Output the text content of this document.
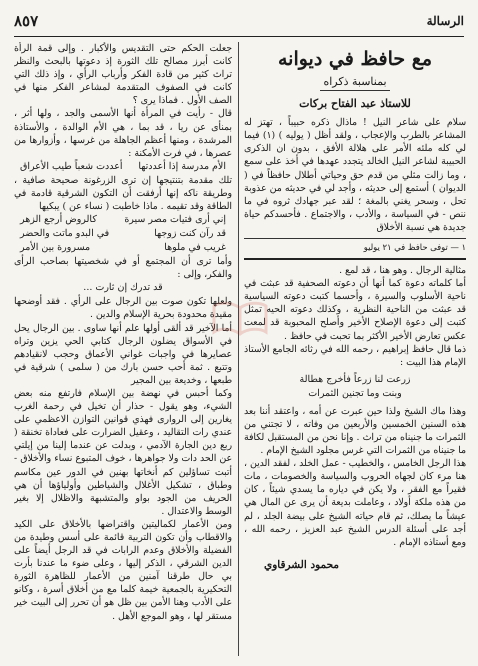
٨٥٧	الرسالة
مع حافظ في ديوانه
بمناسبة ذكراه
للاستاذ عبد الفتاح بركات

سلام على شاعر النيل ! ماذال ذكره حبيباً ، تهتز له المشاعر بالطرب والإعجاب ، ولقد أظل ( يوليه ) (١) فيما لي كله ملئه الأمر على هلالة الأفق ، بدون ان الذكرى الحبيبة لشاعر النيل الخالد يتجدد عهدها في أخذ على سمع ، وما زالت مثلي من قدم حق وحياتي أطلال حافظاً في ( الديوان ) أستمع إلى حديثه ، وأجد لي في حديثه من عذوبة تحل ، وسحر يغني بالمغة ؛ لقد عبر جهادك ثروه في ما ننص - في السياسة ، والأدب ، والاجتماع . فأحسدكم حياة جديدة هي نسبة الأخلاق

١ — توفى حافظ في ٢١ يوليو

مثالية الرجال . وهو هنا ، قد لمع .

أما كلماته دعوة كما أنها أن دعوته الصحفية قد عبثت في ناحية الأسلوب والسيرة ، وأحسما كتبت دعوته السياسية قد عبثت من الناحية النظرية ، وكذلك دعوته الحيه تمثل كتبت إلى دعوة الإصلاح الأخير وأصلح المحبوبة قد لمعت عكس تعارض الأخير الأكثر بما تحبت في حافظ .

ذما قال حافظ إبراهيم ، رحمه الله في رثائه الجامع الأستاذ الإمام هذا البيت :

زرعت لنا زرعاً فأخرج هطالة
وبنت وما تجنين الثمرات

وهذا ماك الشيخ ولذا حين عبرت عن أمه ، واعتقد أننا بعد هذه السنين الخمسين والأربعين من وفاته ، لا تجتني من الثمرات ما جنيناه من تراث . وإنا نحن من المستقبل لكافة ما جنيناه من الثمرات التي غرس مجلود الشيخ الإمام .

هذا الرجل الخامس ، والخطيب - عمل الخلد ، لفقد الدين ، هنا مرء كان لجهاه الحروب والسياسة والخصومات ، مات فقيراً مع الفقر ، ولا يكن في دياره ما يسدي شيئاً ، كان من هذه ملكة أولاد ، وعاملت بديعة أن يرى عن المال هي عيشاً ما يصلك، ثم قام حياته الشيخ على بيضة الجلد ، لم أجد على أسئلة الدرس الشيخ عبد العزيز ، رحمه الله ، ومع أستاذه الإمام .

محمود الشرقاوي

جعلت الحكم حتى التقديس والأكبار . وإلى قمة الرأة كانت أبرز مصالح تلك الثورة إذ دعوتها بالبحث والنظر تراث كثير من قادة الفكر وأرباب الرأي ، وإذ ذلك التي كانت في الصفوف المتقدمة لمشاعر الفكر منها في الصف الأول . فماذا يرى ؟

قال - رأيت في المرأة أنها الأسمى والجد ، ولها أثر ، بمنأى عن ريا ، قد بما ، هي الأم الوالدة ، والأستاذة المرشدة ، ومنها أعظم الجاهلة من غرسها ، وأزوارها من عصرها ، في فرت الأمكنة :

الأم مدرسة إذا أعددتها
أعددت شعباً طيب الأعراق

تلك مقدمة بتنتيجها إن ترى الزرغونة صحيحة صافية ، وطريقة ناكه إنها أرفقت أن التكون الشرقية قادمة في الطاقة وقد تقيمه . ماذا خاطبت ( نساء عن ) يبكيها

إني أرى فتيات مصر سيرة
كالروض أرجع الزهر
قد رآن كنت زوجها
في البدو ماتت والحضر
غريب في ملوها
مسرورة بين الأمر

وأما ترى أن المجتمع أو في شخصيتها بصاحب الرأى والفكر، وإلى :

قد تدرك إن ثارت ...

ولعلها تكون صوت بين الرجال على الرأي . فقد أوضحها مقيدة محدودة بحرية الإسلام والدين .

أما الآخير قد ألقى أولها علم أنها ساوى . بين الرجال يحل في الأسواق يضلون الرجال كتابي الحي يزين وتراه عصايرها في واجبات غواني الأعماق وحجب لانقيادهم وتتبع . ثمة أحب حسن بارك من ( سلمى ) شرقية في طبعها ، وخديعة بين المجير

وكما أحبس في نهضة بين الإسلام فارتفع منه بعض الشيء، وهو يقول - حذار أن تخيل في رحمة الغرب يغارين إلى الروارى فهذي قوانين التوازن الاعظمي على عندي رات التقاليد ، وعقيل الضرارت على فعاداة تخنقة ( ربع دين الجارة الآدمي ، وبدلت عن عندما إلينا من إيلتي عن الحد دات ولا جواهرها ، خوف المتبوع نساء والأخلاق - أتبت تساؤلين كم أنخاتها بهنين في الدور عين مكاسم وطباق ، تشكيل الأغلال والشياطين وأولياؤها أن هي الحريف من الجود بواو والمتشبهة والاظلال إلا بغير الوسط والاعتدال .

ومن الأعمار لكماليتين واقتراضها بالأخلاق على الكيد والاقطاب وأن تكون التربية قائمة على أسس وطيدة من الفضيلة والأخلاق وعدم الرابات في قد الرجل أيضاً على الدين الشرقي ، الذكر إليها ، وعلى ضوء ما عندنا بأرت بي حال طرقنا آمنين من الأعمار للظاهرة الثورة التحكيرية بالجمعية خيمة كلما مع من أخلاق أسرة ، وكانو على الأدب وهنا الأمن بين ظل هو أن تحرر إلى البيت خير مستقر لها ، وهو الموجع الأهل .
